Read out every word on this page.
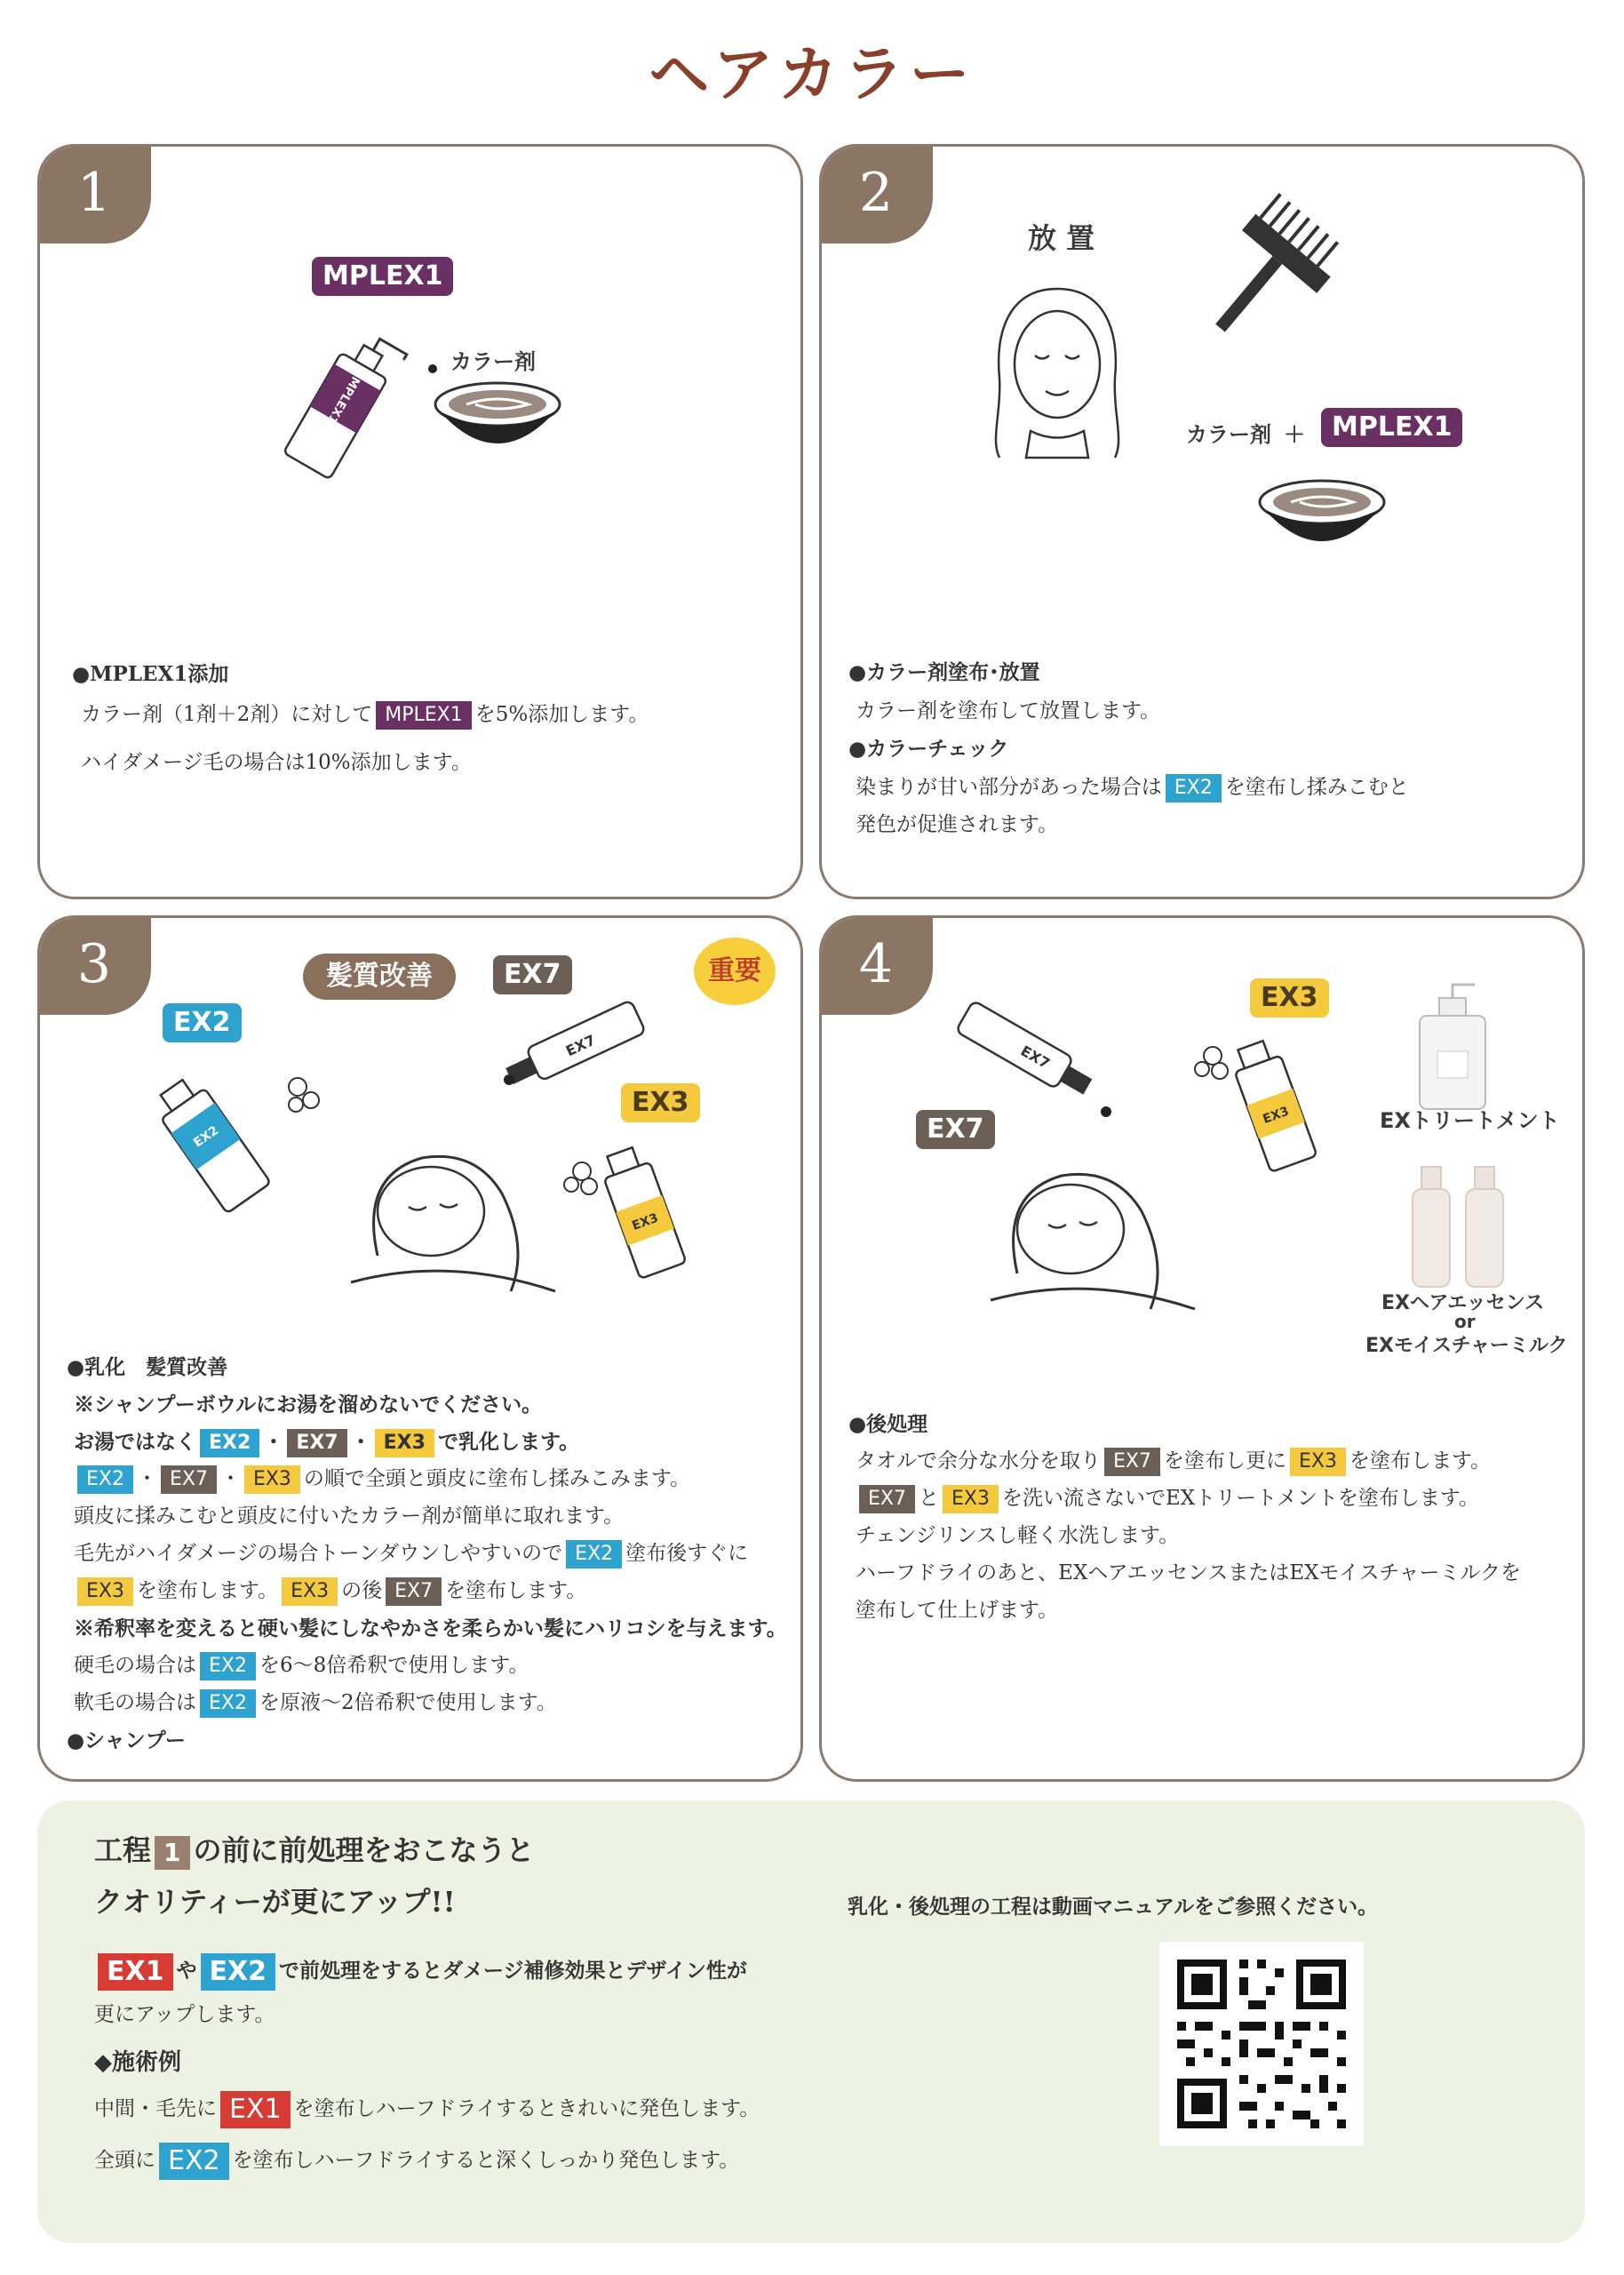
ヘアカラー
1
MPLEX1
MPLEX1
カラー剤
●MPLEX1添加
カラー剤（1剤＋2剤）に対して MPLEX1 を5%添加します。
ハイダメージ毛の場合は10%添加します。
2
放 置
カラー剤 ＋	MPLEX1
●カラー剤塗布･放置
カラー剤を塗布して放置します。
●カラーチェック
染まりが甘い部分があった場合は EX2 を塗布し揉みこむと
発色が促進されます。
3	髪質改善	EX7	重要
EX2
EX3
EX2
EX7
EX3
●乳化　髪質改善
※シャンプーボウルにお湯を溜めないでください。
お湯ではなく EX2 ・ EX7 ・ EX3 で乳化します。
EX2 ・ EX7 ・ EX3 の順で全頭と頭皮に塗布し揉みこみます。
頭皮に揉みこむと頭皮に付いたカラー剤が簡単に取れます。
毛先がハイダメージの場合トーンダウンしやすいので EX2 塗布後すぐに
EX3 を塗布します。 EX3 の後 EX7 を塗布します。
※希釈率を変えると硬い髪にしなやかさを柔らかい髪にハリコシを与えます。
硬毛の場合は EX2 を6～8倍希釈で使用します。
軟毛の場合は EX2 を原液～2倍希釈で使用します。
●シャンプー
4
EX3
EX7
EX7
EX3	EXトリートメント
EXヘアエッセンス
or
EXモイスチャーミルク
●後処理
タオルで余分な水分を取り EX7 を塗布し更に EX3 を塗布します。
EX7 と EX3 を洗い流さないでEXトリートメントを塗布します。
チェンジリンスし軽く水洗します。
ハーフドライのあと、EXヘアエッセンスまたはEXモイスチャーミルクを
塗布して仕上げます。
工程 1 の前に前処理をおこなうと
クオリティーが更にアップ!!
EX1 や EX2 で前処理をするとダメージ補修効果とデザイン性が
更にアップします。
◆施術例
中間・毛先に EX1 を塗布しハーフドライするときれいに発色します。
全頭に EX2 を塗布しハーフドライすると深くしっかり発色します。
乳化・後処理の工程は動画マニュアルをご参照ください。
